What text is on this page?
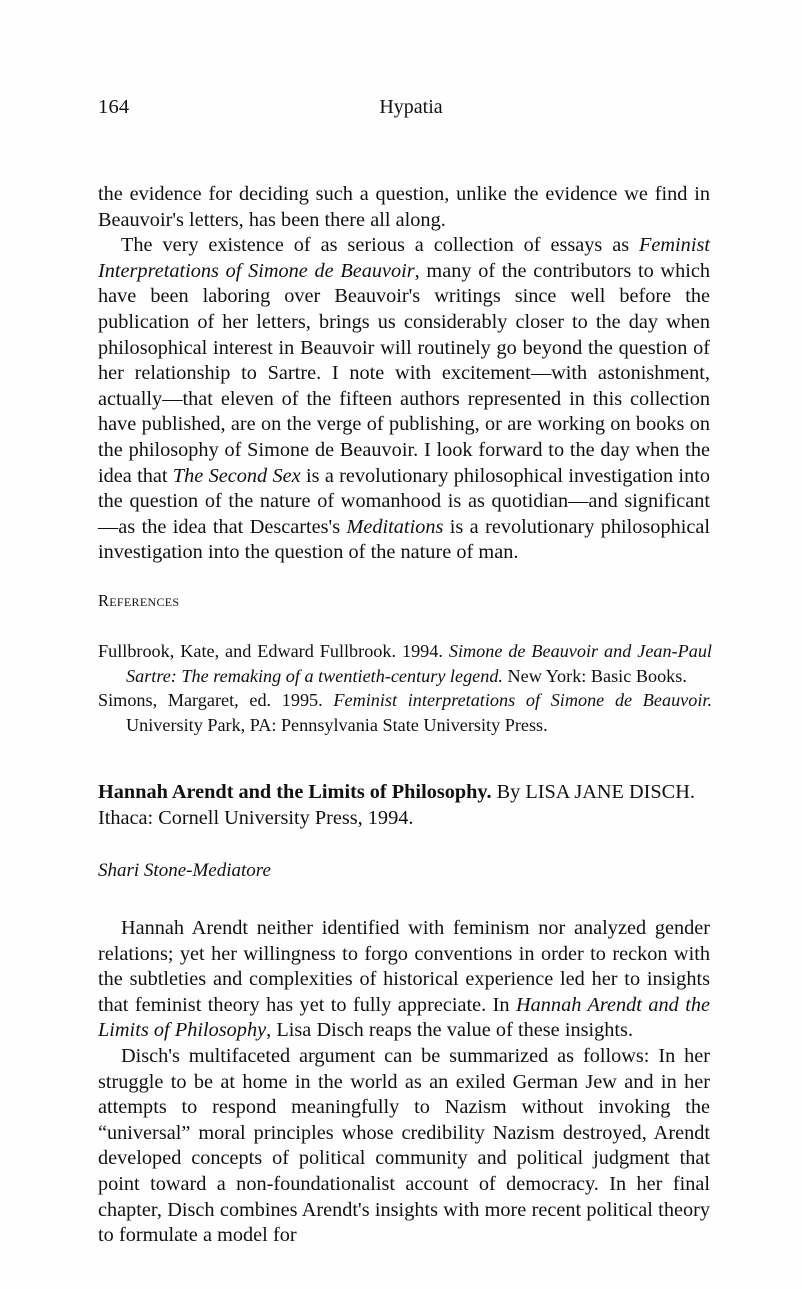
164	Hypatia

the evidence for deciding such a question, unlike the evidence we find in Beauvoir's letters, has been there all along.

The very existence of as serious a collection of essays as Feminist Interpretations of Simone de Beauvoir, many of the contributors to which have been laboring over Beauvoir's writings since well before the publication of her letters, brings us considerably closer to the day when philosophical interest in Beauvoir will routinely go beyond the question of her relationship to Sartre. I note with excitement—with astonishment, actually—that eleven of the fifteen authors represented in this collection have published, are on the verge of publishing, or are working on books on the philosophy of Simone de Beauvoir. I look forward to the day when the idea that The Second Sex is a revolutionary philosophical investigation into the question of the nature of womanhood is as quotidian—and significant—as the idea that Descartes's Meditations is a revolutionary philosophical investigation into the question of the nature of man.

References

Fullbrook, Kate, and Edward Fullbrook. 1994. Simone de Beauvoir and Jean-Paul Sartre: The remaking of a twentieth-century legend. New York: Basic Books.

Simons, Margaret, ed. 1995. Feminist interpretations of Simone de Beauvoir. University Park, PA: Pennsylvania State University Press.

Hannah Arendt and the Limits of Philosophy. By LISA JANE DISCH. Ithaca: Cornell University Press, 1994.
Shari Stone-Mediatore

Hannah Arendt neither identified with feminism nor analyzed gender relations; yet her willingness to forgo conventions in order to reckon with the subtleties and complexities of historical experience led her to insights that feminist theory has yet to fully appreciate. In Hannah Arendt and the Limits of Philosophy, Lisa Disch reaps the value of these insights.

Disch's multifaceted argument can be summarized as follows: In her struggle to be at home in the world as an exiled German Jew and in her attempts to respond meaningfully to Nazism without invoking the “universal” moral principles whose credibility Nazism destroyed, Arendt developed concepts of political community and political judgment that point toward a non-foundationalist account of democracy. In her final chapter, Disch combines Arendt's insights with more recent political theory to formulate a model for
